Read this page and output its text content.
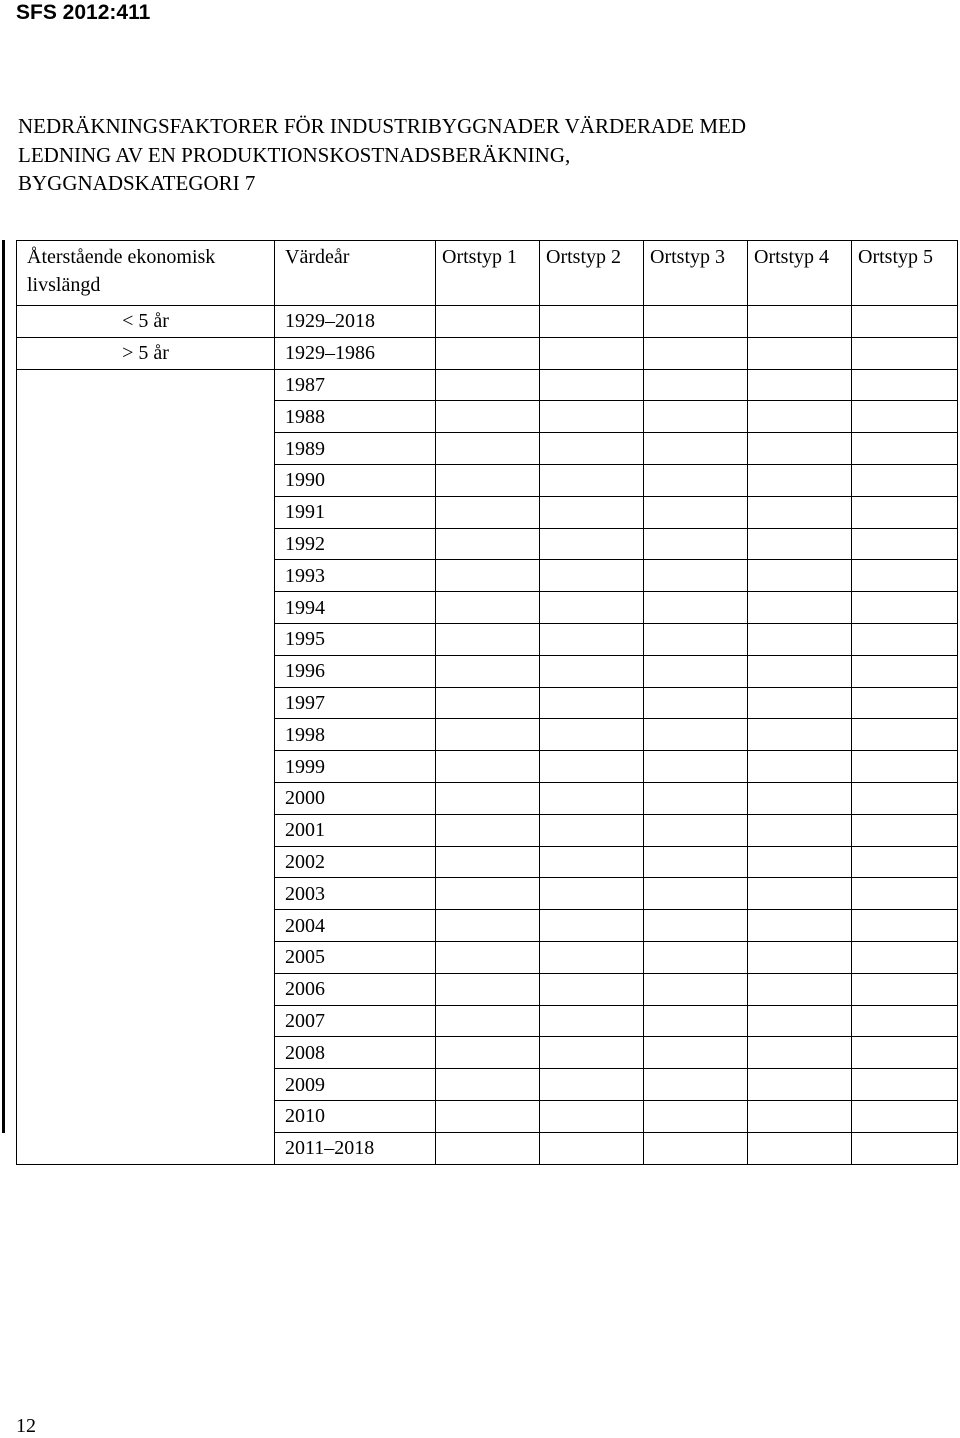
SFS 2012:411

NEDRÄKNINGSFAKTORER FÖR INDUSTRIBYGGNADER VÄRDERADE MED
LEDNING AV EN PRODUKTIONSKOSTNADSBERÄKNING,
BYGGNADSKATEGORI 7
Återstående ekonomisk livslängd	Värdeår	Ortstyp 1	Ortstyp 2	Ortstyp 3	Ortstyp 4	Ortstyp 5
< 5 år	1929–2018					
> 5 år	1929–1986					
	1987					
	1988					
	1989					
	1990					
	1991					
	1992					
	1993					
	1994					
	1995					
	1996					
	1997					
	1998					
	1999					
	2000					
	2001					
	2002					
	2003					
	2004					
	2005					
	2006					
	2007					
	2008					
	2009					
	2010					
	2011–2018					

12
